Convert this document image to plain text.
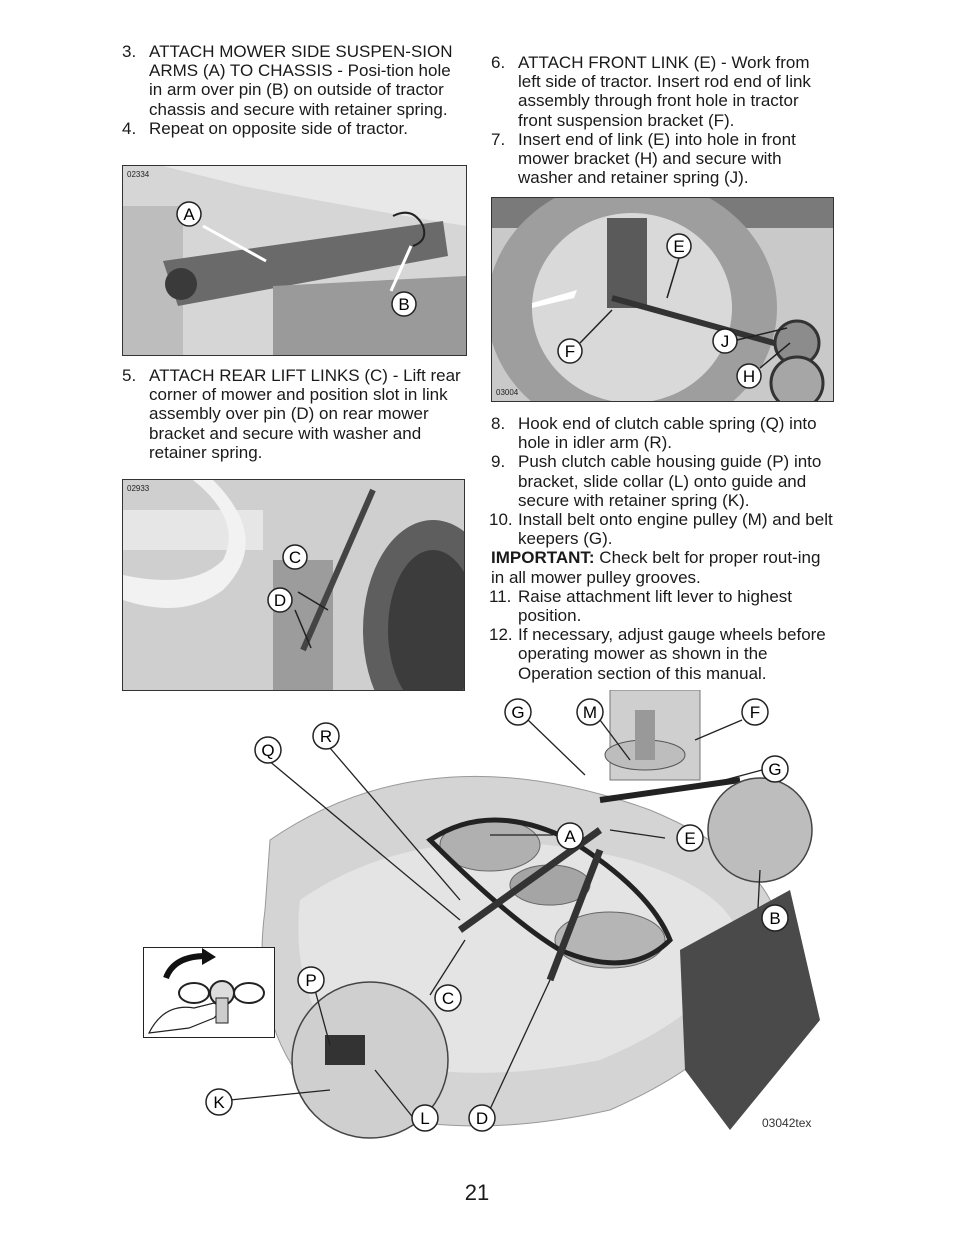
3. ATTACH MOWER SIDE SUSPEN-SION ARMS (A) TO CHASSIS - Posi-tion hole in arm over pin (B) on outside of tractor chassis and secure with retainer spring.

4. Repeat on opposite side of tractor.

A
B
02334

5. ATTACH REAR LIFT LINKS (C) - Lift rear corner of mower and position slot in link assembly over pin (D) on rear mower bracket and secure with washer and retainer spring.

C
D
02933

6. ATTACH FRONT LINK (E) - Work from left side of tractor. Insert rod end of link assembly through front hole in tractor front suspension bracket (F).

7. Insert end of link (E) into hole in front mower bracket (H) and secure with washer and retainer spring (J).

E
F
J
H
03004

8. Hook end of clutch cable spring (Q) into hole in idler arm (R).

9. Push clutch cable housing guide (P) into bracket, slide collar (L) onto guide and secure with retainer spring (K).

10. Install belt onto engine pulley (M) and belt keepers (G).

IMPORTANT: Check belt for proper rout-ing in all mower pulley grooves.

11. Raise attachment lift lever to highest position.

12. If necessary, adjust gauge wheels before operating mower as shown in the Operation section of this manual.

G	M	F
G
Q
R
A	E
B
C
P
K
L	D	03042tex
21
